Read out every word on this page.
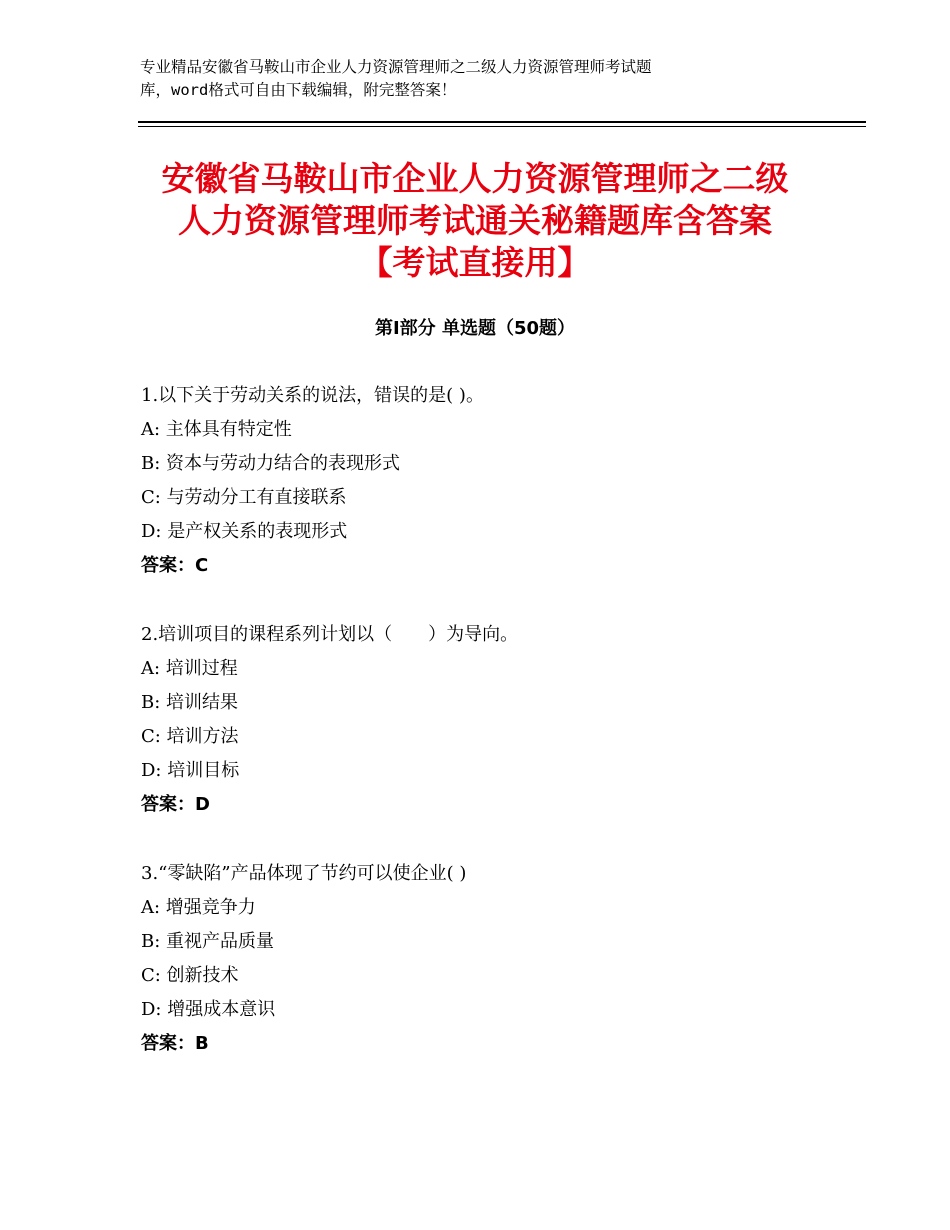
专业精品安徽省马鞍山市企业人力资源管理师之二级人力资源管理师考试题
库，word格式可自由下载编辑，附完整答案！
安徽省马鞍山市企业人力资源管理师之二级
人力资源管理师考试通关秘籍题库含答案
【考试直接用】
第Ⅰ部分 单选题（50题）
1.以下关于劳动关系的说法，错误的是( )。
A: 主体具有特定性
B: 资本与劳动力结合的表现形式
C: 与劳动分工有直接联系
D: 是产权关系的表现形式
答案：C
2.培训项目的课程系列计划以（　　）为导向。
A: 培训过程
B: 培训结果
C: 培训方法
D: 培训目标
答案：D
3.“零缺陷”产品体现了节约可以使企业( )
A: 增强竞争力
B: 重视产品质量
C: 创新技术
D: 增强成本意识
答案：B
